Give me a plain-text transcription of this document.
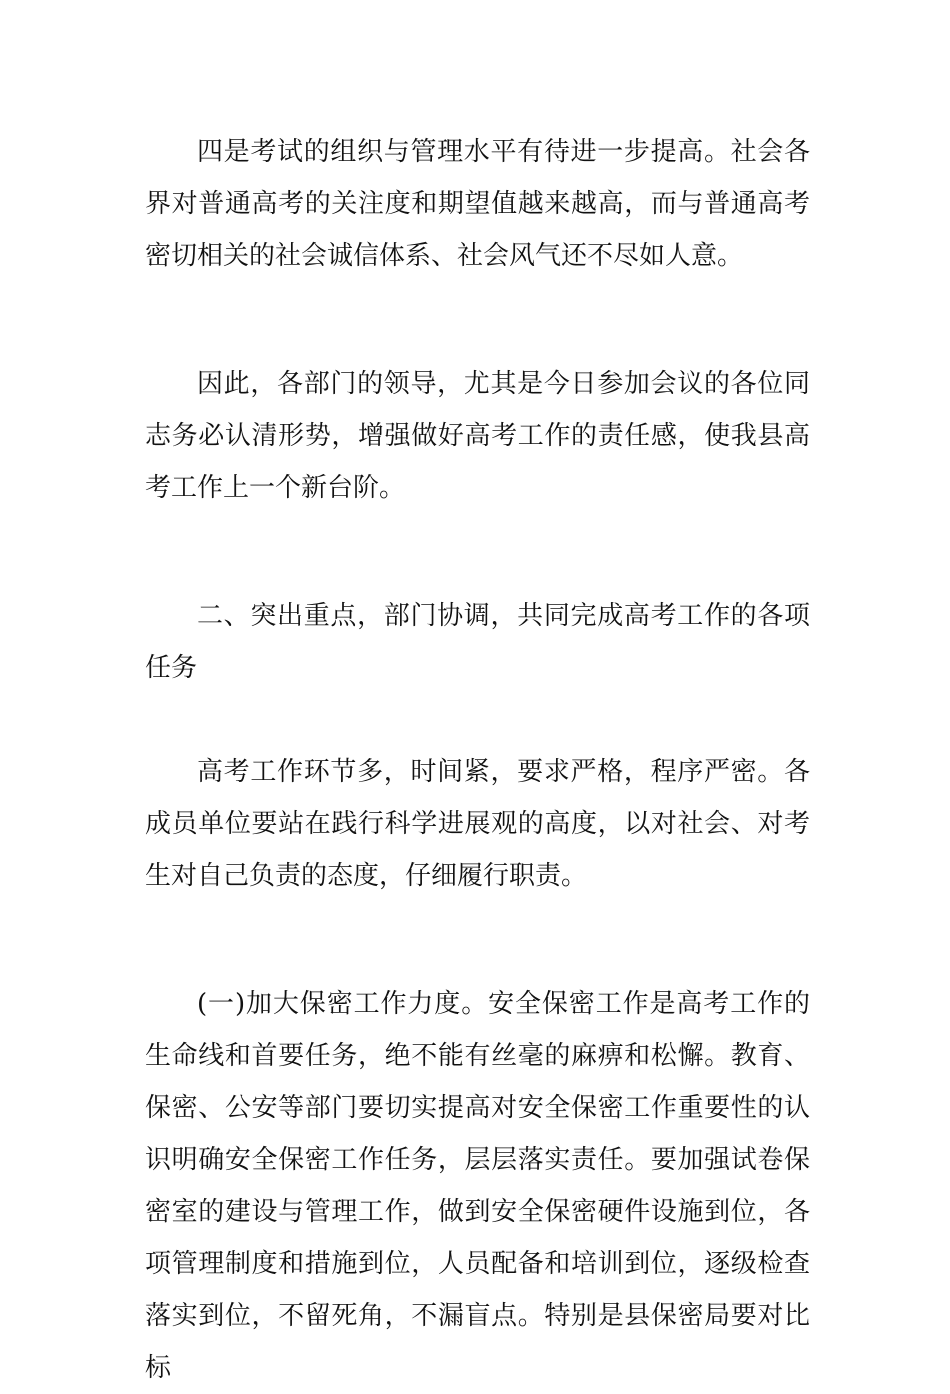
四是考试的组织与管理水平有待进一步提高。社会各界对普通高考的关注度和期望值越来越高，而与普通高考密切相关的社会诚信体系、社会风气还不尽如人意。

因此，各部门的领导，尤其是今日参加会议的各位同志务必认清形势，增强做好高考工作的责任感，使我县高考工作上一个新台阶。

二、突出重点，部门协调，共同完成高考工作的各项任务

高考工作环节多，时间紧，要求严格，程序严密。各成员单位要站在践行科学进展观的高度，以对社会、对考生对自己负责的态度，仔细履行职责。

(一)加大保密工作力度。安全保密工作是高考工作的生命线和首要任务，绝不能有丝毫的麻痹和松懈。教育、保密、公安等部门要切实提高对安全保密工作重要性的认识明确安全保密工作任务，层层落实责任。要加强试卷保密室的建设与管理工作，做到安全保密硬件设施到位，各项管理制度和措施到位，人员配备和培训到位，逐级检查落实到位，不留死角，不漏盲点。特别是县保密局要对比标
